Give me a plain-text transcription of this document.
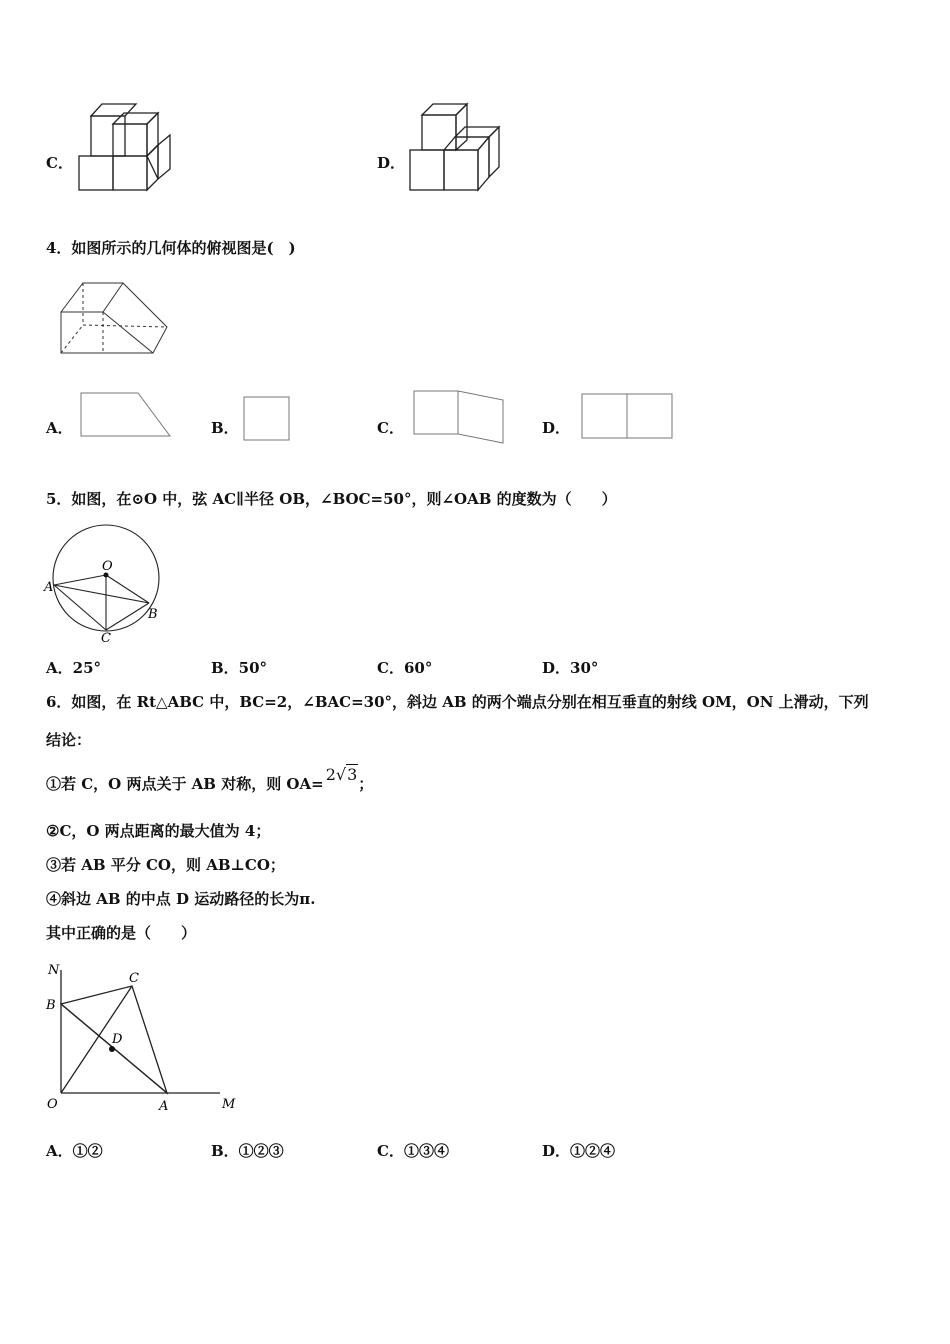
C．	D．
4．如图所示的几何体的俯视图是(　)
A．	B．	C．	D．
5．如图，在⊙O 中，弦 AC∥半径 OB，∠BOC=50°，则∠OAB 的度数为（　　）
O
A
B
C
A．25°	B．50°	C．60°	D．30°
6．如图，在 Rt△ABC 中，BC=2，∠BAC=30°，斜边 AB 的两个端点分别在相互垂直的射线 OM，ON 上滑动，下列
结论：
①若 C，O 两点关于 AB 对称，则 OA= 2√3；
②C，O 两点距离的最大值为 4；
③若 AB 平分 CO，则 AB⊥CO；
④斜边 AB 的中点 D 运动路径的长为π.
其中正确的是（　　）
N
C
B
D
O	A	M
A．①②	B．①②③	C．①③④	D．①②④
